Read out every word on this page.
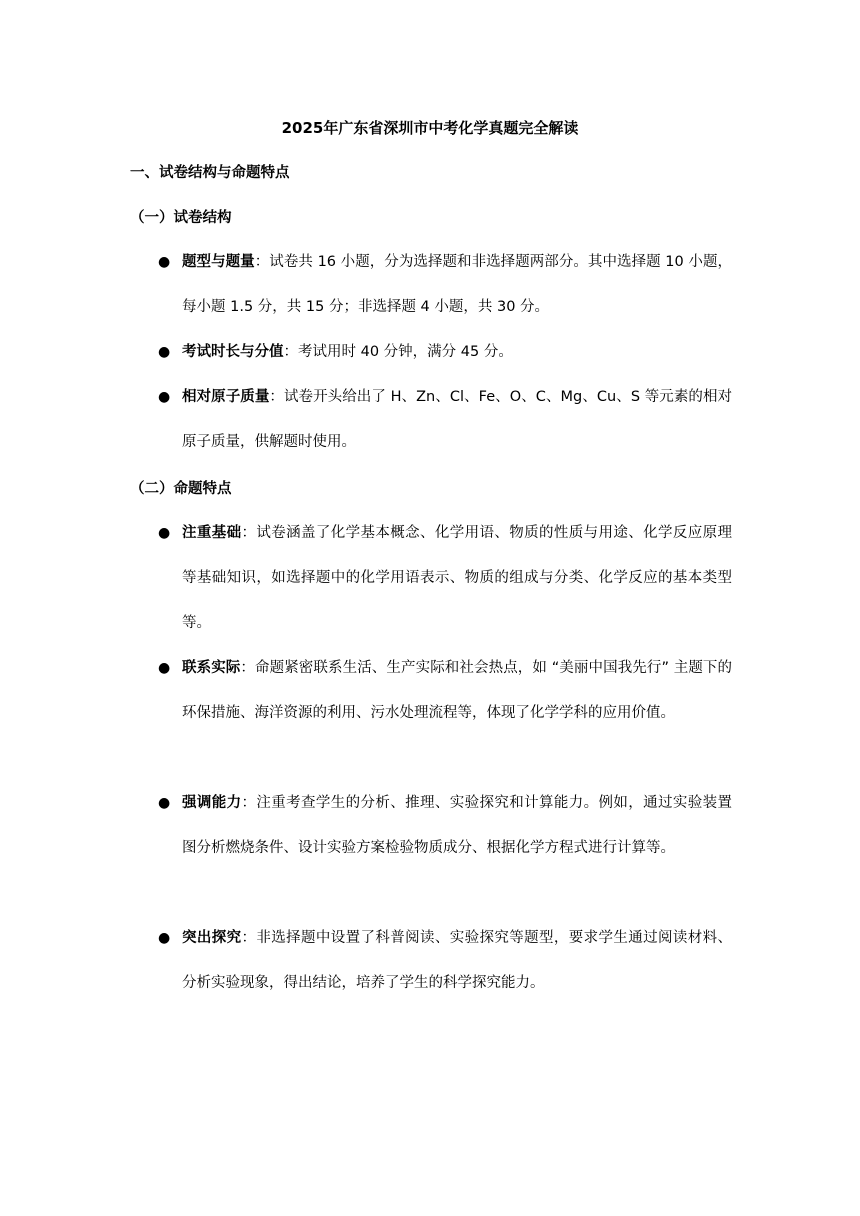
2025年广东省深圳市中考化学真题完全解读
一、试卷结构与命题特点
（一）试卷结构
● 题型与题量：试卷共 16 小题，分为选择题和非选择题两部分。其中选择题 10 小题，每小题 1.5 分，共 15 分；非选择题 4 小题，共 30 分。
● 考试时长与分值：考试用时 40 分钟，满分 45 分。
● 相对原子质量：试卷开头给出了 H、Zn、Cl、Fe、O、C、Mg、Cu、S 等元素的相对原子质量，供解题时使用。
（二）命题特点
● 注重基础：试卷涵盖了化学基本概念、化学用语、物质的性质与用途、化学反应原理等基础知识，如选择题中的化学用语表示、物质的组成与分类、化学反应的基本类型等。
● 联系实际：命题紧密联系生活、生产实际和社会热点，如 “美丽中国我先行” 主题下的环保措施、海洋资源的利用、污水处理流程等，体现了化学学科的应用价值。
● 强调能力：注重考查学生的分析、推理、实验探究和计算能力。例如，通过实验装置图分析燃烧条件、设计实验方案检验物质成分、根据化学方程式进行计算等。
● 突出探究：非选择题中设置了科普阅读、实验探究等题型，要求学生通过阅读材料、分析实验现象，得出结论，培养了学生的科学探究能力。
